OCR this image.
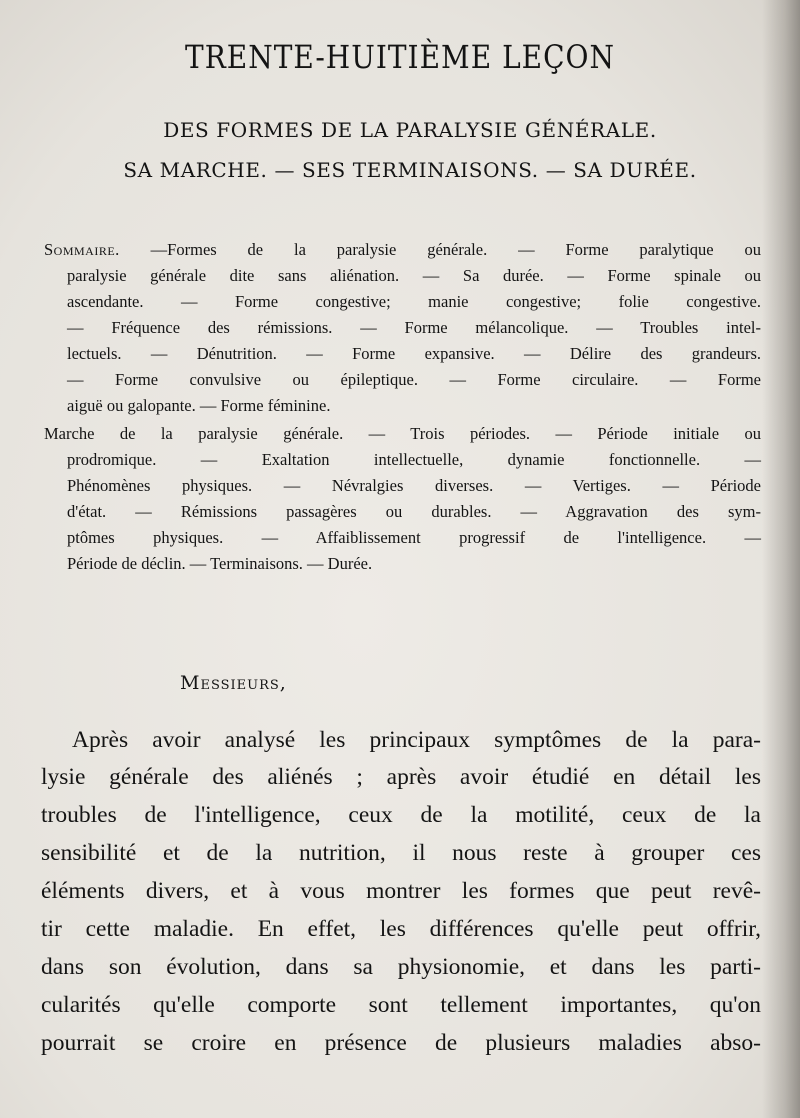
TRENTE-HUITIÈME LEÇON
DES FORMES DE LA PARALYSIE GÉNÉRALE.
SA MARCHE. — SES TERMINAISONS. — SA DURÉE.
Sommaire. —Formes de la paralysie générale. — Forme paralytique ou
paralysie générale dite sans aliénation. — Sa durée. — Forme spinale ou
ascendante. — Forme congestive; manie congestive; folie congestive.
— Fréquence des rémissions. — Forme mélancolique. — Troubles intel-
lectuels. — Dénutrition. — Forme expansive. — Délire des grandeurs.
— Forme convulsive ou épileptique. — Forme circulaire. — Forme
aiguë ou galopante. — Forme féminine.
Marche de la paralysie générale. — Trois périodes. — Période initiale ou
prodromique. — Exaltation intellectuelle, dynamie fonctionnelle. —
Phénomènes physiques. — Névralgies diverses. — Vertiges. — Période
d'état. — Rémissions passagères ou durables. — Aggravation des sym-
ptômes physiques. — Affaiblissement progressif de l'intelligence. —
Période de déclin. — Terminaisons. — Durée.
Messieurs,
Après avoir analysé les principaux symptômes de la para-
lysie générale des aliénés ; après avoir étudié en détail les
troubles de l'intelligence, ceux de la motilité, ceux de la
sensibilité et de la nutrition, il nous reste à grouper ces
éléments divers, et à vous montrer les formes que peut revê-
tir cette maladie. En effet, les différences qu'elle peut offrir,
dans son évolution, dans sa physionomie, et dans les parti-
cularités qu'elle comporte sont tellement importantes, qu'on
pourrait se croire en présence de plusieurs maladies abso-
